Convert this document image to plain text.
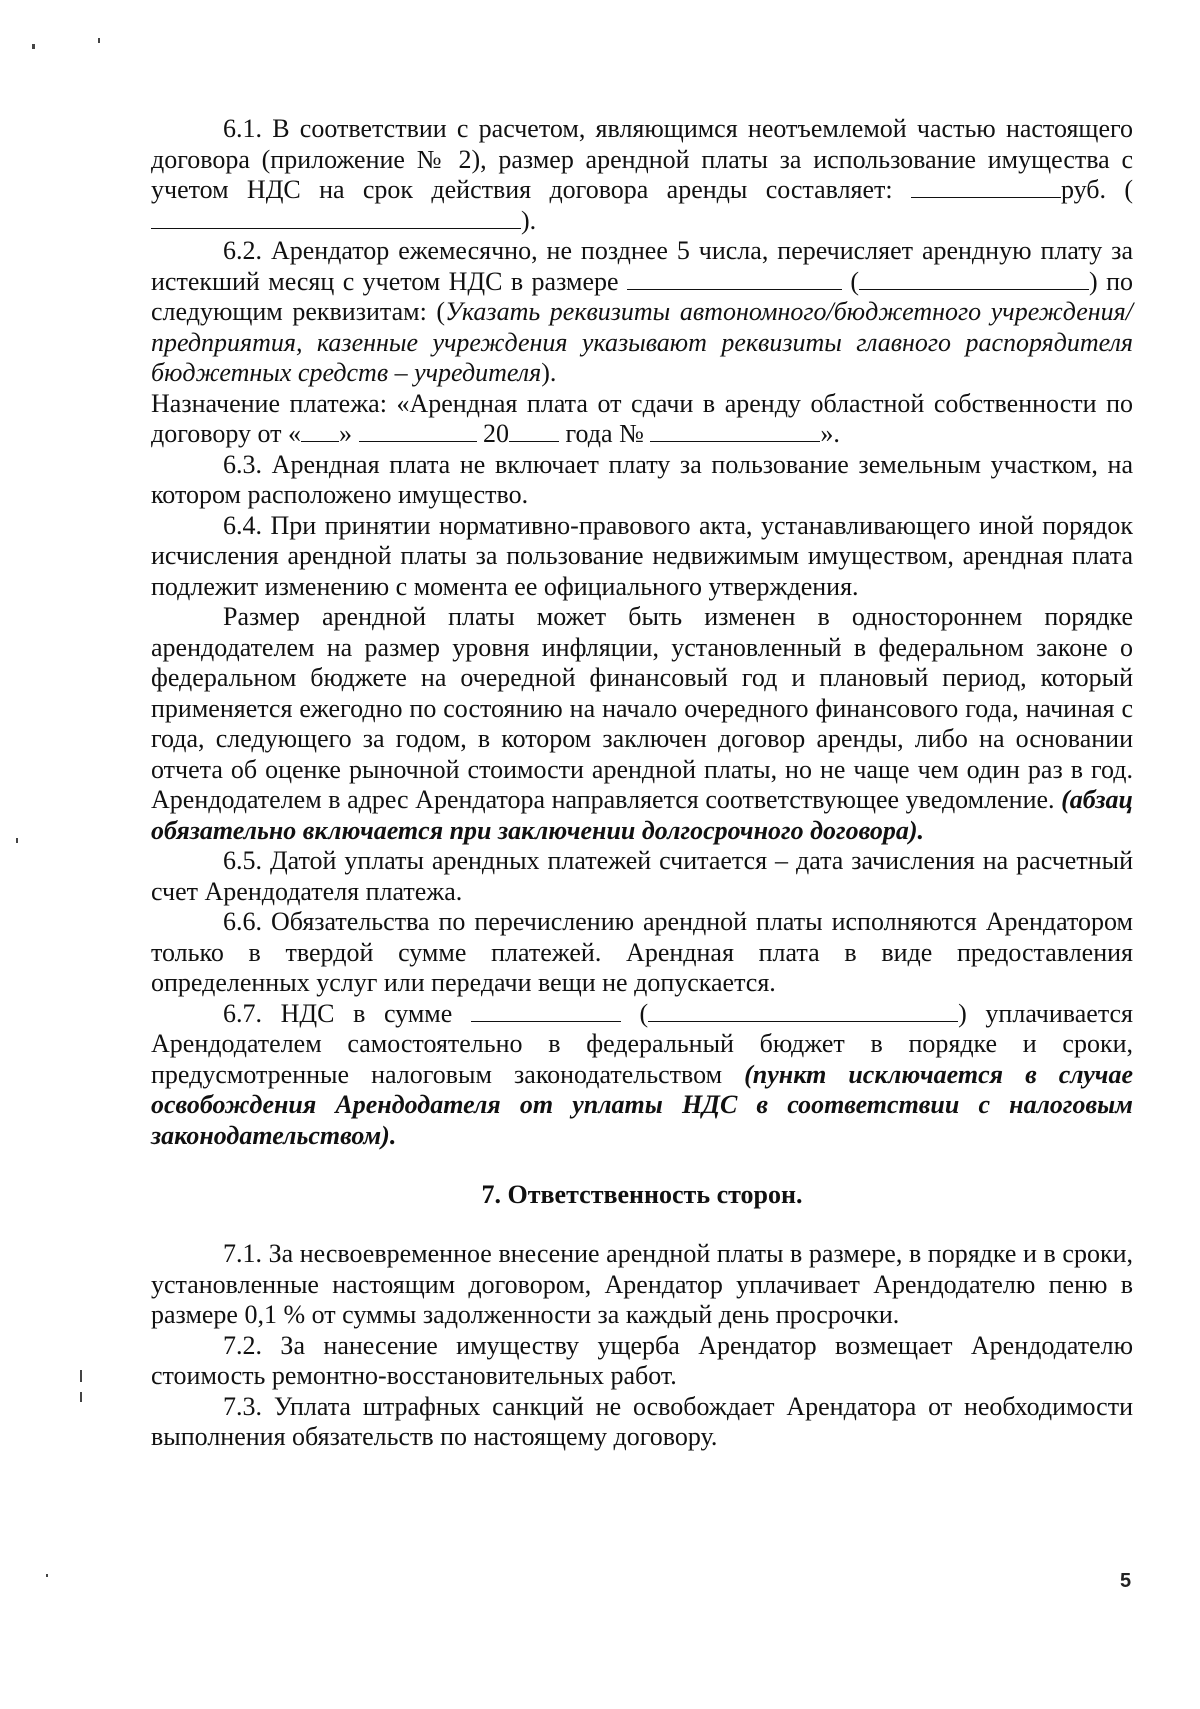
6.1. В соответствии с расчетом, являющимся неотъемлемой частью настоящего договора (приложение № 2), размер арендной платы за использование имущества с учетом НДС на срок действия договора аренды составляет:	руб. ().

6.2. Арендатор ежемесячно, не позднее 5 числа, перечисляет арендную плату за истекший месяц с учетом НДС в размере	(	) по следующим реквизитам: (Указать реквизиты автономного/бюджетного учреждения/предприятия, казенные учреждения указывают реквизиты главного распорядителя бюджетных средств – учредителя).

Назначение платежа: «Арендная плата от сдачи в аренду областной собственности по договору от « »	20 года №	».

6.3. Арендная плата не включает плату за пользование земельным участком, на котором расположено имущество.

6.4. При принятии нормативно-правового акта, устанавливающего иной порядок исчисления арендной платы за пользование недвижимым имуществом, арендная плата подлежит изменению с момента ее официального утверждения.

Размер арендной платы может быть изменен в одностороннем порядке арендодателем на размер уровня инфляции, установленный в федеральном законе о федеральном бюджете на очередной финансовый год и плановый период, который применяется ежегодно по состоянию на начало очередного финансового года, начиная с года, следующего за годом, в котором заключен договор аренды, либо на основании отчета об оценке рыночной стоимости арендной платы, но не чаще чем один раз в год. Арендодателем в адрес Арендатора направляется соответствующее уведомление. (абзац обязательно включается при заключении долгосрочного договора).

6.5. Датой уплаты арендных платежей считается – дата зачисления на расчетный счет Арендодателя платежа.

6.6. Обязательства по перечислению арендной платы исполняются Арендатором только в твердой сумме платежей. Арендная плата в виде предоставления определенных услуг или передачи вещи не допускается.

6.7. НДС в сумме	(	) уплачивается Арендодателем самостоятельно в федеральный бюджет в порядке и сроки, предусмотренные налоговым законодательством (пункт исключается в случае освобождения Арендодателя от уплаты НДС в соответствии с налоговым законодательством).

7. Ответственность сторон.

7.1. За несвоевременное внесение арендной платы в размере, в порядке и в сроки, установленные настоящим договором, Арендатор уплачивает Арендодателю пеню в размере 0,1 % от суммы задолженности за каждый день просрочки.

7.2. За нанесение имуществу ущерба Арендатор возмещает Арендодателю стоимость ремонтно-восстановительных работ.

7.3. Уплата штрафных санкций не освобождает Арендатора от необходимости выполнения обязательств по настоящему договору.

5
